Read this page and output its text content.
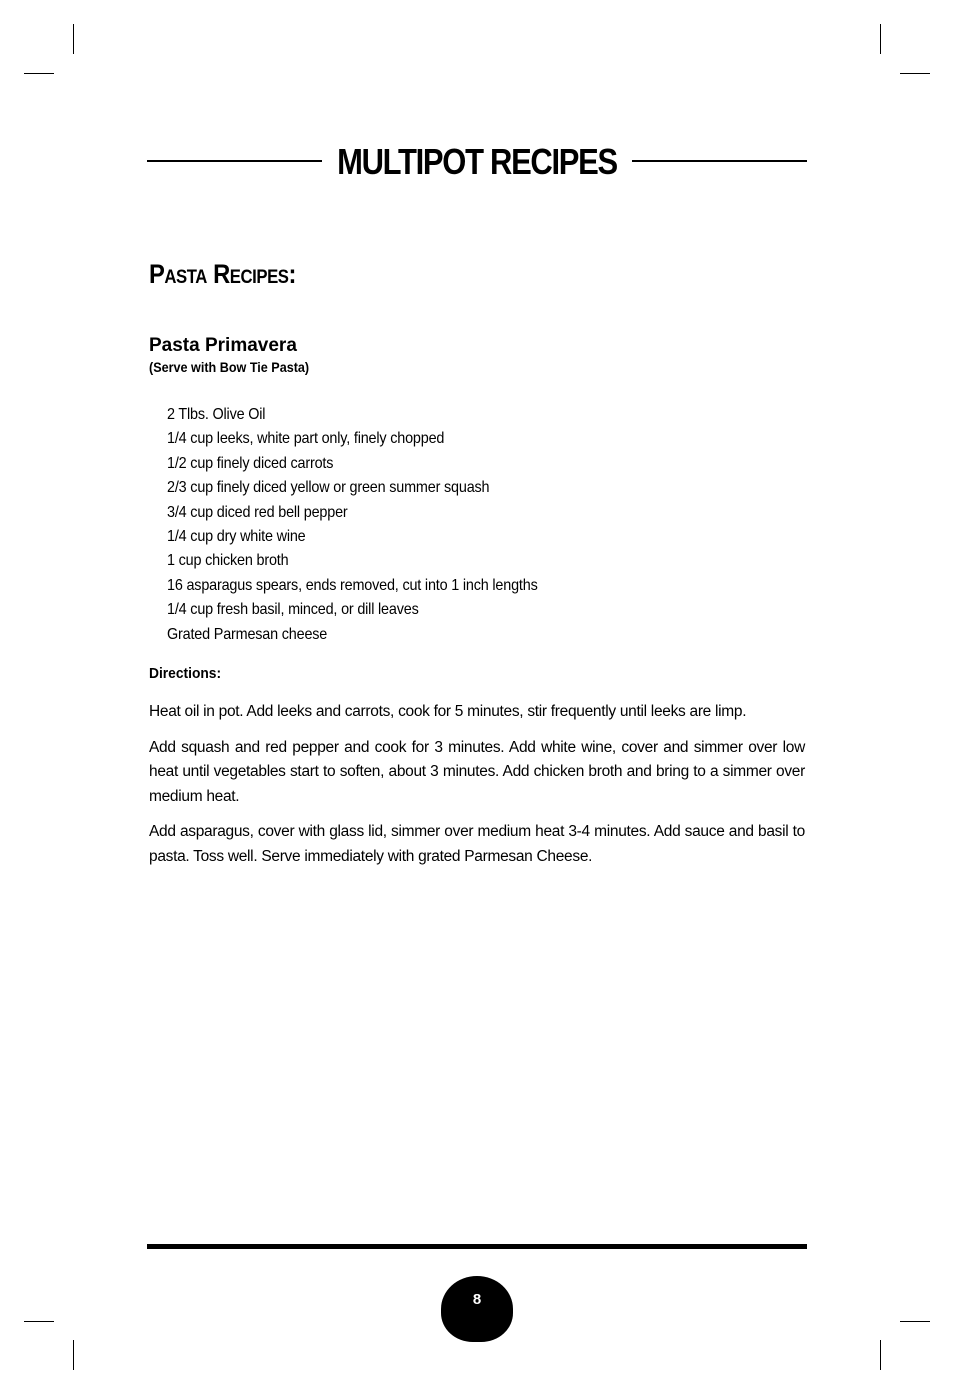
MULTIPOT RECIPES
Pasta Recipes:
Pasta Primavera
(Serve with Bow Tie Pasta)
2 Tlbs. Olive Oil
1/4 cup leeks, white part only, finely chopped
1/2 cup finely diced carrots
2/3 cup finely diced yellow or green summer squash
3/4 cup diced red bell pepper
1/4 cup dry white wine
1 cup chicken broth
16 asparagus spears, ends removed, cut into 1 inch lengths
1/4 cup fresh basil, minced, or dill leaves
Grated Parmesan cheese
Directions:

Heat oil in pot. Add leeks and carrots, cook for 5 minutes, stir frequently until leeks are limp.

Add squash and red pepper and cook for 3 minutes. Add white wine, cover and simmer over low heat until vegetables start to soften, about 3 minutes. Add chicken broth and bring to a simmer over medium heat.

Add asparagus, cover with glass lid, simmer over medium heat 3-4 minutes. Add sauce and basil to pasta. Toss well. Serve immediately with grated Parmesan Cheese.

8
